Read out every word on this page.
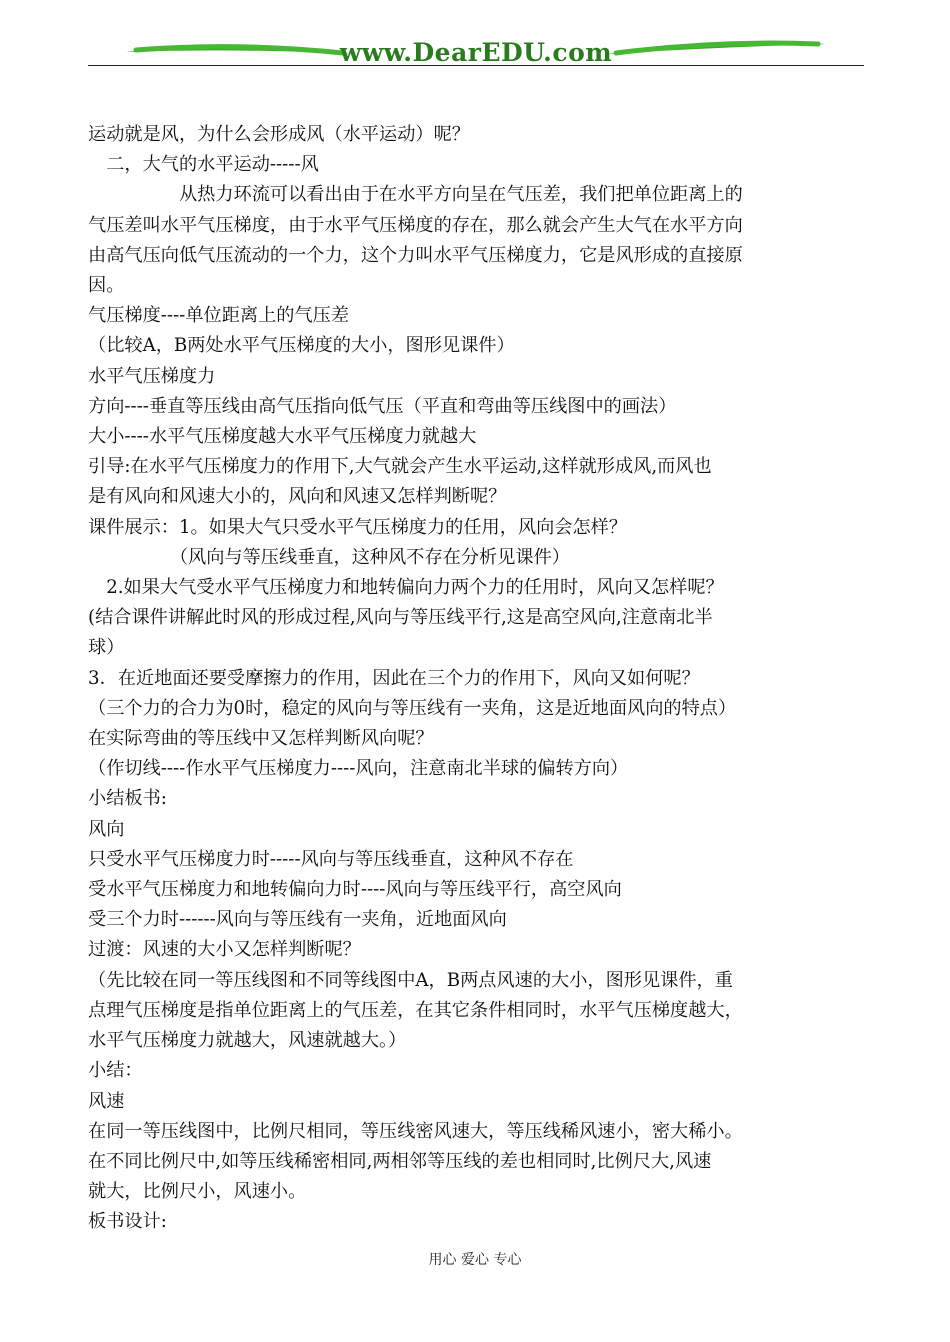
www.DearEDU.com

运动就是风，为什么会形成风（水平运动）呢？

　二，大气的水平运动-----风

　　　　　从热力环流可以看出由于在水平方向呈在气压差，我们把单位距离上的

气压差叫水平气压梯度，由于水平气压梯度的存在，那么就会产生大气在水平方向

由高气压向低气压流动的一个力，这个力叫水平气压梯度力，它是风形成的直接原

因。

气压梯度----单位距离上的气压差

（比较A，B两处水平气压梯度的大小，图形见课件）

水平气压梯度力

方向----垂直等压线由高气压指向低气压（平直和弯曲等压线图中的画法）

大小----水平气压梯度越大水平气压梯度力就越大

引导:在水平气压梯度力的作用下,大气就会产生水平运动,这样就形成风,而风也

是有风向和风速大小的，风向和风速又怎样判断呢？

课件展示：1。如果大气只受水平气压梯度力的任用，风向会怎样？

　　　　　（风向与等压线垂直，这种风不存在分析见课件）

　2.如果大气受水平气压梯度力和地转偏向力两个力的任用时，风向又怎样呢？

(结合课件讲解此时风的形成过程,风向与等压线平行,这是高空风向,注意南北半

球）

3．在近地面还要受摩擦力的作用，因此在三个力的作用下，风向又如何呢？

（三个力的合力为0时，稳定的风向与等压线有一夹角，这是近地面风向的特点）

在实际弯曲的等压线中又怎样判断风向呢？

（作切线----作水平气压梯度力----风向，注意南北半球的偏转方向）

小结板书:

风向

只受水平气压梯度力时-----风向与等压线垂直，这种风不存在

受水平气压梯度力和地转偏向力时----风向与等压线平行，高空风向

受三个力时------风向与等压线有一夹角，近地面风向

过渡：风速的大小又怎样判断呢？

（先比较在同一等压线图和不同等线图中A，B两点风速的大小，图形见课件，重

点理气压梯度是指单位距离上的气压差，在其它条件相同时，水平气压梯度越大，

水平气压梯度力就越大，风速就越大。）

小结：

风速

在同一等压线图中，比例尺相同，等压线密风速大，等压线稀风速小，密大稀小。

在不同比例尺中,如等压线稀密相同,两相邻等压线的差也相同时,比例尺大,风速

就大，比例尺小，风速小。

板书设计:

用心 爱心 专心
